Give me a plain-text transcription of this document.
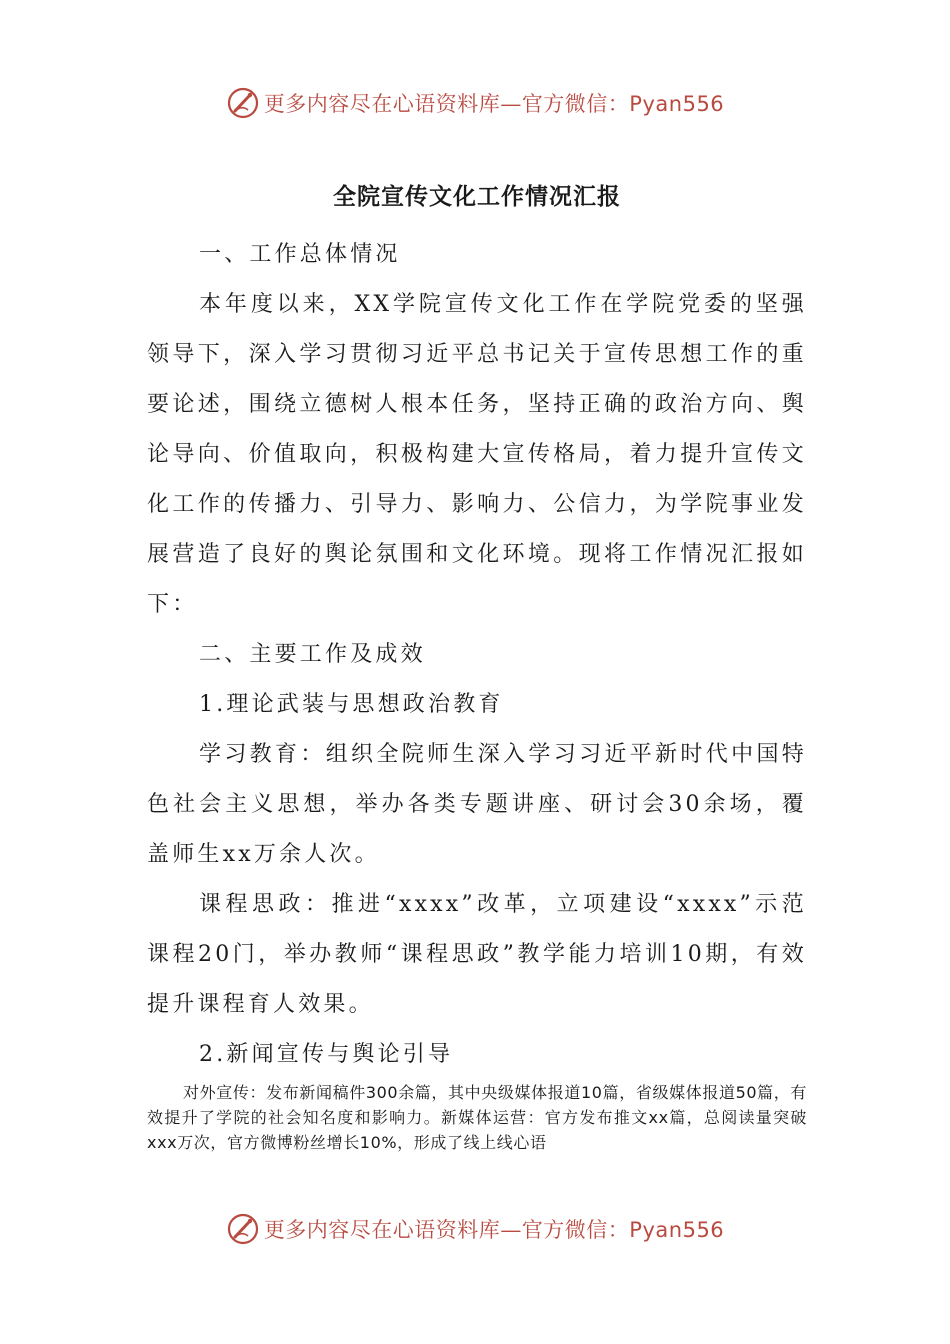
更多内容尽在心语资料库—官方微信：Pyan556
全院宣传文化工作情况汇报

一、工作总体情况

本年度以来，XX学院宣传文化工作在学院党委的坚强领导下，深入学习贯彻习近平总书记关于宣传思想工作的重要论述，围绕立德树人根本任务，坚持正确的政治方向、舆论导向、价值取向，积极构建大宣传格局，着力提升宣传文化工作的传播力、引导力、影响力、公信力，为学院事业发展营造了良好的舆论氛围和文化环境。现将工作情况汇报如下：

二、主要工作及成效

1.理论武装与思想政治教育

学习教育：组织全院师生深入学习习近平新时代中国特色社会主义思想，举办各类专题讲座、研讨会30余场，覆盖师生xx万余人次。

课程思政：推进“xxxx”改革，立项建设“xxxx”示范课程20门，举办教师“课程思政”教学能力培训10期，有效提升课程育人效果。

2.新闻宣传与舆论引导

对外宣传：发布新闻稿件300余篇，其中央级媒体报道10篇，省级媒体报道50篇，有效提升了学院的社会知名度和影响力。新媒体运营：官方发布推文xx篇，总阅读量突破xxx万次，官方微博粉丝增长10%，形成了线上线心语

更多内容尽在心语资料库—官方微信：Pyan556
